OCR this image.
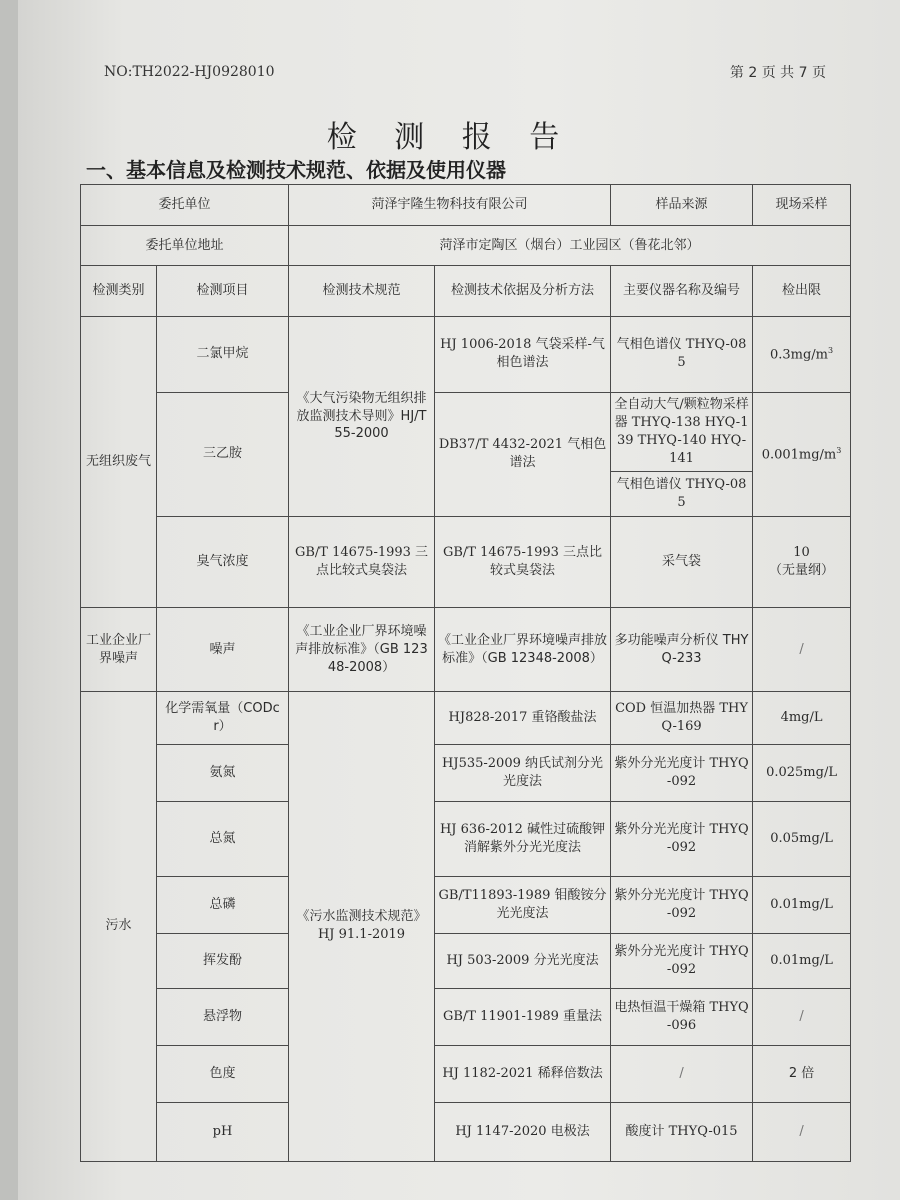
NO:TH2022-HJ0928010	第 2 页 共 7 页
检 测 报 告
一、基本信息及检测技术规范、依据及使用仪器
委托单位		菏泽宇隆生物科技有限公司		样品来源	现场采样
委托单位地址		菏泽市定陶区（烟台）工业园区（鲁花北邻）			
检测类别	检测项目	检测技术规范	检测技术依据及分析方法	主要仪器名称及编号	检出限
无组织废气	二氯甲烷	《大气污染物无组织排放监测技术导则》HJ/T 55-2000	HJ 1006-2018 气袋采样-气相色谱法	气相色谱仪 THYQ-085	$0.3mg/m^3$
	三乙胺		DB37/T 4432-2021 气相色谱法	全自动大气/颗粒物采样器 THYQ-138 HYQ-139 THYQ-140 HYQ-141	$0.001mg/m^3$
				气相色谱仪 THYQ-085	
	臭气浓度	GB/T 14675-1993 三点比较式臭袋法	GB/T 14675-1993 三点比较式臭袋法	采气袋	10
（无量纲）

工业企业厂界噪声	噪声	《工业企业厂界环境噪声排放标准》（GB 12348-2008）	《工业企业厂界环境噪声排放标准》（GB 12348-2008）	多功能噪声分析仪 THYQ-233	/
污水	化学需氧量（CODcr）	《污水监测技术规范》HJ 91.1-2019	HJ828-2017 重铬酸盐法	COD 恒温加热器 THYQ-169	4mg/L
	氨氮		HJ535-2009 纳氏试剂分光光度法	紫外分光光度计 THYQ-092	0.025mg/L
	总氮		HJ 636-2012 碱性过硫酸钾消解紫外分光光度法	紫外分光光度计 THYQ-092	0.05mg/L
	总磷		GB/T11893-1989 钼酸铵分光光度法	紫外分光光度计 THYQ-092	0.01mg/L
	挥发酚		HJ 503-2009 分光光度法	紫外分光光度计 THYQ-092	0.01mg/L
	悬浮物		GB/T 11901-1989 重量法	电热恒温干燥箱 THYQ-096	/
	色度		HJ 1182-2021 稀释倍数法	/	2 倍
	pH		HJ 1147-2020 电极法	酸度计 THYQ-015	/
